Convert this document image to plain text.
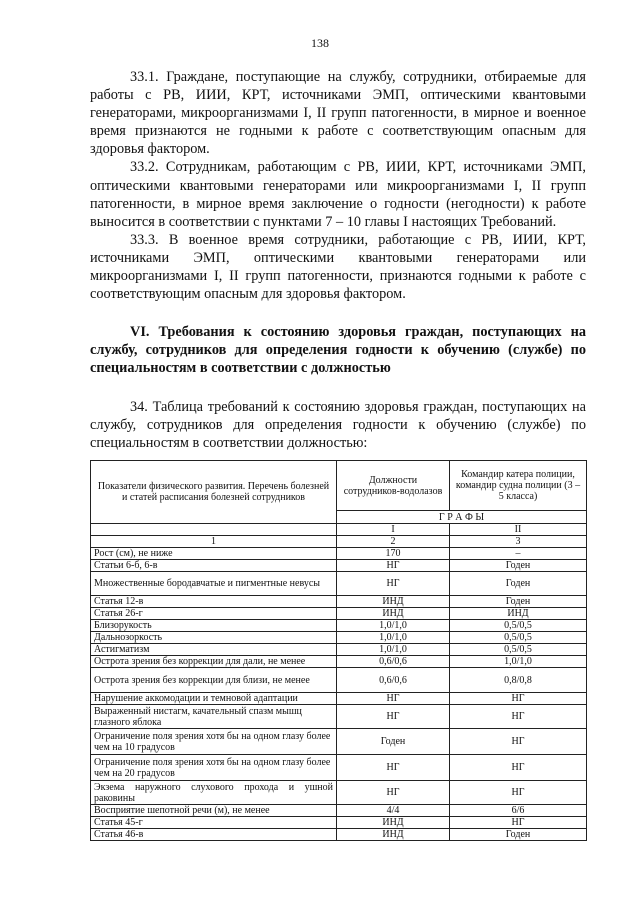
138

33.1. Граждане, поступающие на службу, сотрудники, отбираемые для работы с РВ, ИИИ, КРТ, источниками ЭМП, оптическими квантовыми генераторами, микроорганизмами I, II групп патогенности, в мирное и военное время признаются не годными к работе с соответствующим опасным для здоровья фактором.

33.2. Сотрудникам, работающим с РВ, ИИИ, КРТ, источниками ЭМП, оптическими квантовыми генераторами или микроорганизмами I, II групп патогенности, в мирное время заключение о годности (негодности) к работе выносится в соответствии с пунктами 7 – 10 главы I настоящих Требований.

33.3. В военное время сотрудники, работающие с РВ, ИИИ, КРТ, источниками ЭМП, оптическими квантовыми генераторами или микроорганизмами I, II групп патогенности, признаются годными к работе с соответствующим опасным для здоровья фактором.

VI. Требования к состоянию здоровья граждан, поступающих на службу, сотрудников для определения годности к обучению (службе) по специальностям в соответствии с должностью

34. Таблица требований к состоянию здоровья граждан, поступающих на службу, сотрудников для определения годности к обучению (службе) по специальностям в соответствии должностью:

Показатели физического развития. Перечень болезней и статей расписания болезней сотрудников	Должности сотрудников-водолазов	Командир катера полиции, командир судна полиции (3 – 5 класса)
	Г Р А Ф Ы	
	I	II
1	2	3
Рост (см), не ниже	170	–
Статьи 6-б, 6-в	НГ	Годен
Множественные бородавчатые и пигментные невусы	НГ	Годен
Статья 12-в	ИНД	Годен
Статья 26-г	ИНД	ИНД
Близорукость	1,0/1,0	0,5/0,5
Дальнозоркость	1,0/1,0	0,5/0,5
Астигматизм	1,0/1,0	0,5/0,5
Острота зрения без коррекции для дали, не менее	0,6/0,6	1,0/1,0
Острота зрения без коррекции для близи, не менее	0,6/0,6	0,8/0,8
Нарушение аккомодации и темновой адаптации	НГ	НГ
Выраженный нистагм, качательный спазм мышц глазного яблока	НГ	НГ
Ограничение поля зрения хотя бы на одном глазу более чем на 10 градусов	Годен	НГ
Ограничение поля зрения хотя бы на одном глазу более чем на 20 градусов	НГ	НГ
Экзема наружного слухового прохода и ушной раковины	НГ	НГ
Восприятие шепотной речи (м), не менее	4/4	6/6
Статья 45-г	ИНД	НГ
Статья 46-в	ИНД	Годен
